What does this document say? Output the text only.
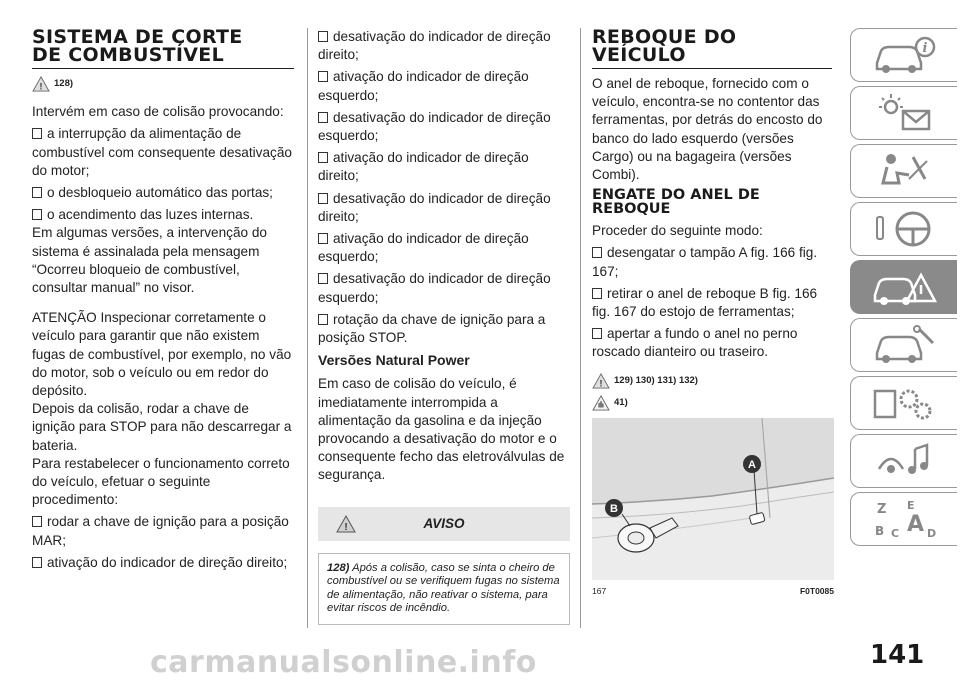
SISTEMA DE CORTE
DE COMBUSTÍVEL
! 128)

Intervém em caso de colisão provocando:

a interrupção da alimentação de combustível com consequente desativação do motor;

o desbloqueio automático das portas;

o acendimento das luzes internas.

Em algumas versões, a intervenção do sistema é assinalada pela mensagem “Ocorreu bloqueio de combustível, consultar manual” no visor.

ATENÇÃO Inspecionar corretamente o veículo para garantir que não existem fugas de combustível, por exemplo, no vão do motor, sob o veículo ou em redor do depósito.

Depois da colisão, rodar a chave de ignição para STOP para não descarregar a bateria.

Para restabelecer o funcionamento correto do veículo, efetuar o seguinte procedimento:

rodar a chave de ignição para a posição MAR;

ativação do indicador de direção direito;

desativação do indicador de direção direito;

ativação do indicador de direção esquerdo;

desativação do indicador de direção esquerdo;

ativação do indicador de direção direito;

desativação do indicador de direção direito;

ativação do indicador de direção esquerdo;

desativação do indicador de direção esquerdo;

rotação da chave de ignição para a posição STOP.

Versões Natural Power

Em caso de colisão do veículo, é imediatamente interrompida a alimentação da gasolina e da injeção provocando a desativação do motor e o consequente fecho das eletroválvulas de segurança.

!	AVISO
128) Após a colisão, caso se sinta o cheiro de combustível ou se verifiquem fugas no sistema de alimentação, não reativar o sistema, para evitar riscos de incêndio.
REBOQUE DO
VEÍCULO

O anel de reboque, fornecido com o veículo, encontra-se no contentor das ferramentas, por detrás do encosto do banco do lado esquerdo (versões Cargo) ou na bagageira (versões Combi).

ENGATE DO ANEL DE
REBOQUE

Proceder do seguinte modo:

desengatar o tampão A fig. 166 fig. 167;

retirar o anel de reboque B fig. 166 fig. 167 do estojo de ferramentas;

apertar a fundo o anel no perno roscado dianteiro ou traseiro.

! 129) 130) 131) 132)
41)
A
B
167	F0T0085
i
Z E
A
B C	D
carmanualsonline.info	141
